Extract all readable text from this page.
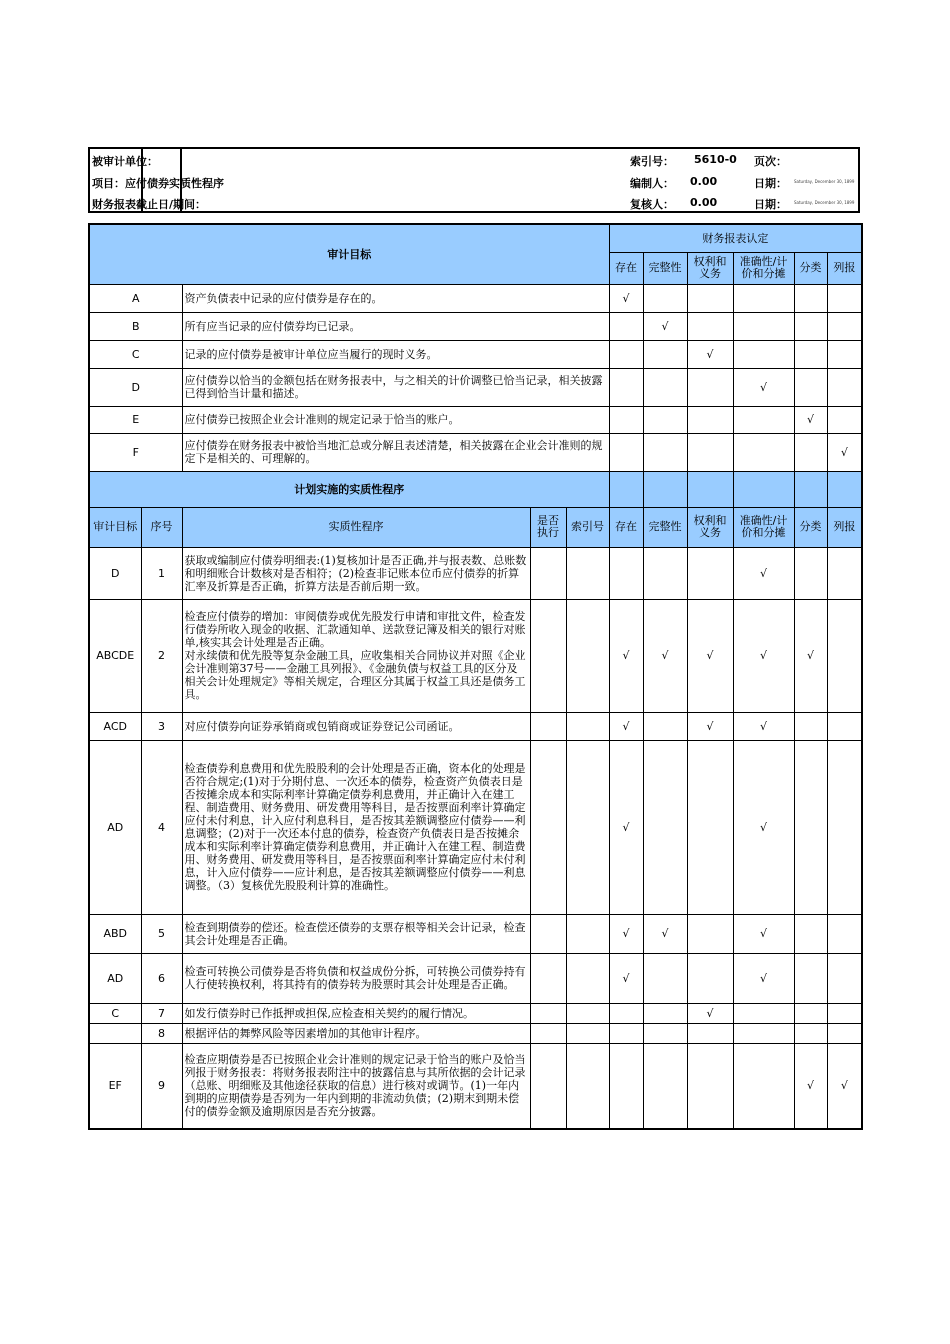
被审计单位：	索引号： 5610-0 页次：
项目：应付债券实质性程序	编制人： 0.00	日期： Saturday, December 30, 1899
财务报表截止日/期间：	复核人： 0.00	日期： Saturday, December 30, 1899
审计目标					财务报表认定					
					存在	完整性	权利和义务	准确性/计价和分摊	分类	列报
A		资产负债表中记录的应付债券是存在的。			√					
B		所有应当记录的应付债券均已记录。				√				
C		记录的应付债券是被审计单位应当履行的现时义务。					√			
D		应付债券以恰当的金额包括在财务报表中，与之相关的计价调整已恰当记录，相关披露已得到恰当计量和描述。						√		
E		应付债券已按照企业会计准则的规定记录于恰当的账户。							√	
F		应付债券在财务报表中被恰当地汇总或分解且表述清楚，相关披露在企业会计准则的规定下是相关的、可理解的。								√
计划实施的实质性程序										
审计目标	序号	实质性程序	是否执行	索引号	存在	完整性	权利和义务	准确性/计价和分摊	分类	列报
D	1	获取或编制应付债券明细表:(1)复核加计是否正确,并与报表数、总账数和明细账合计数核对是否相符；(2)检查非记账本位币应付债券的折算汇率及折算是否正确，折算方法是否前后期一致。						√		
ABCDE	2	检查应付债券的增加：审阅债券或优先股发行申请和审批文件，检查发行债券所收入现金的收据、汇款通知单、送款登记簿及相关的银行对账单,核实其会计处理是否正确。
对永续债和优先股等复杂金融工具，应收集相关合同协议并对照《企业会计准则第37号——金融工具列报》、《金融负债与权益工具的区分及相关会计处理规定》等相关规定，合理区分其属于权益工具还是债务工具。			√	√	√	√	√	
ACD	3	对应付债券向证券承销商或包销商或证券登记公司函证。			√		√	√		
AD	4	检查债券利息费用和优先股股利的会计处理是否正确，资本化的处理是否符合规定;(1)对于分期付息、一次还本的债券，检查资产负债表日是否按摊余成本和实际利率计算确定债券利息费用，并正确计入在建工程、制造费用、财务费用、研发费用等科目，是否按票面利率计算确定应付未付利息，计入应付利息科目，是否按其差额调整应付债券——利息调整；(2)对于一次还本付息的债券，检查资产负债表日是否按摊余成本和实际利率计算确定债券利息费用，并正确计入在建工程、制造费用、财务费用、研发费用等科目，是否按票面利率计算确定应付未付利息，计入应付债券——应计利息，是否按其差额调整应付债券——利息调整。（3）复核优先股股利计算的准确性。			√			√		
ABD	5	检查到期债券的偿还。检查偿还债券的支票存根等相关会计记录，检查其会计处理是否正确。			√	√		√		
AD	6	检查可转换公司债券是否将负债和权益成份分拆，可转换公司债券持有人行使转换权利，将其持有的债券转为股票时其会计处理是否正确。			√			√		
C	7	如发行债券时已作抵押或担保,应检查相关契约的履行情况。					√			
	8	根据评估的舞弊风险等因素增加的其他审计程序。								
EF	9	检查应期债券是否已按照企业会计准则的规定记录于恰当的账户及恰当列报于财务报表：将财务报表附注中的披露信息与其所依据的会计记录（总账、明细账及其他途径获取的信息）进行核对或调节。(1)一年内到期的应期债券是否列为一年内到期的非流动负债；(2)期末到期未偿付的债券金额及逾期原因是否充分披露。							√	√
